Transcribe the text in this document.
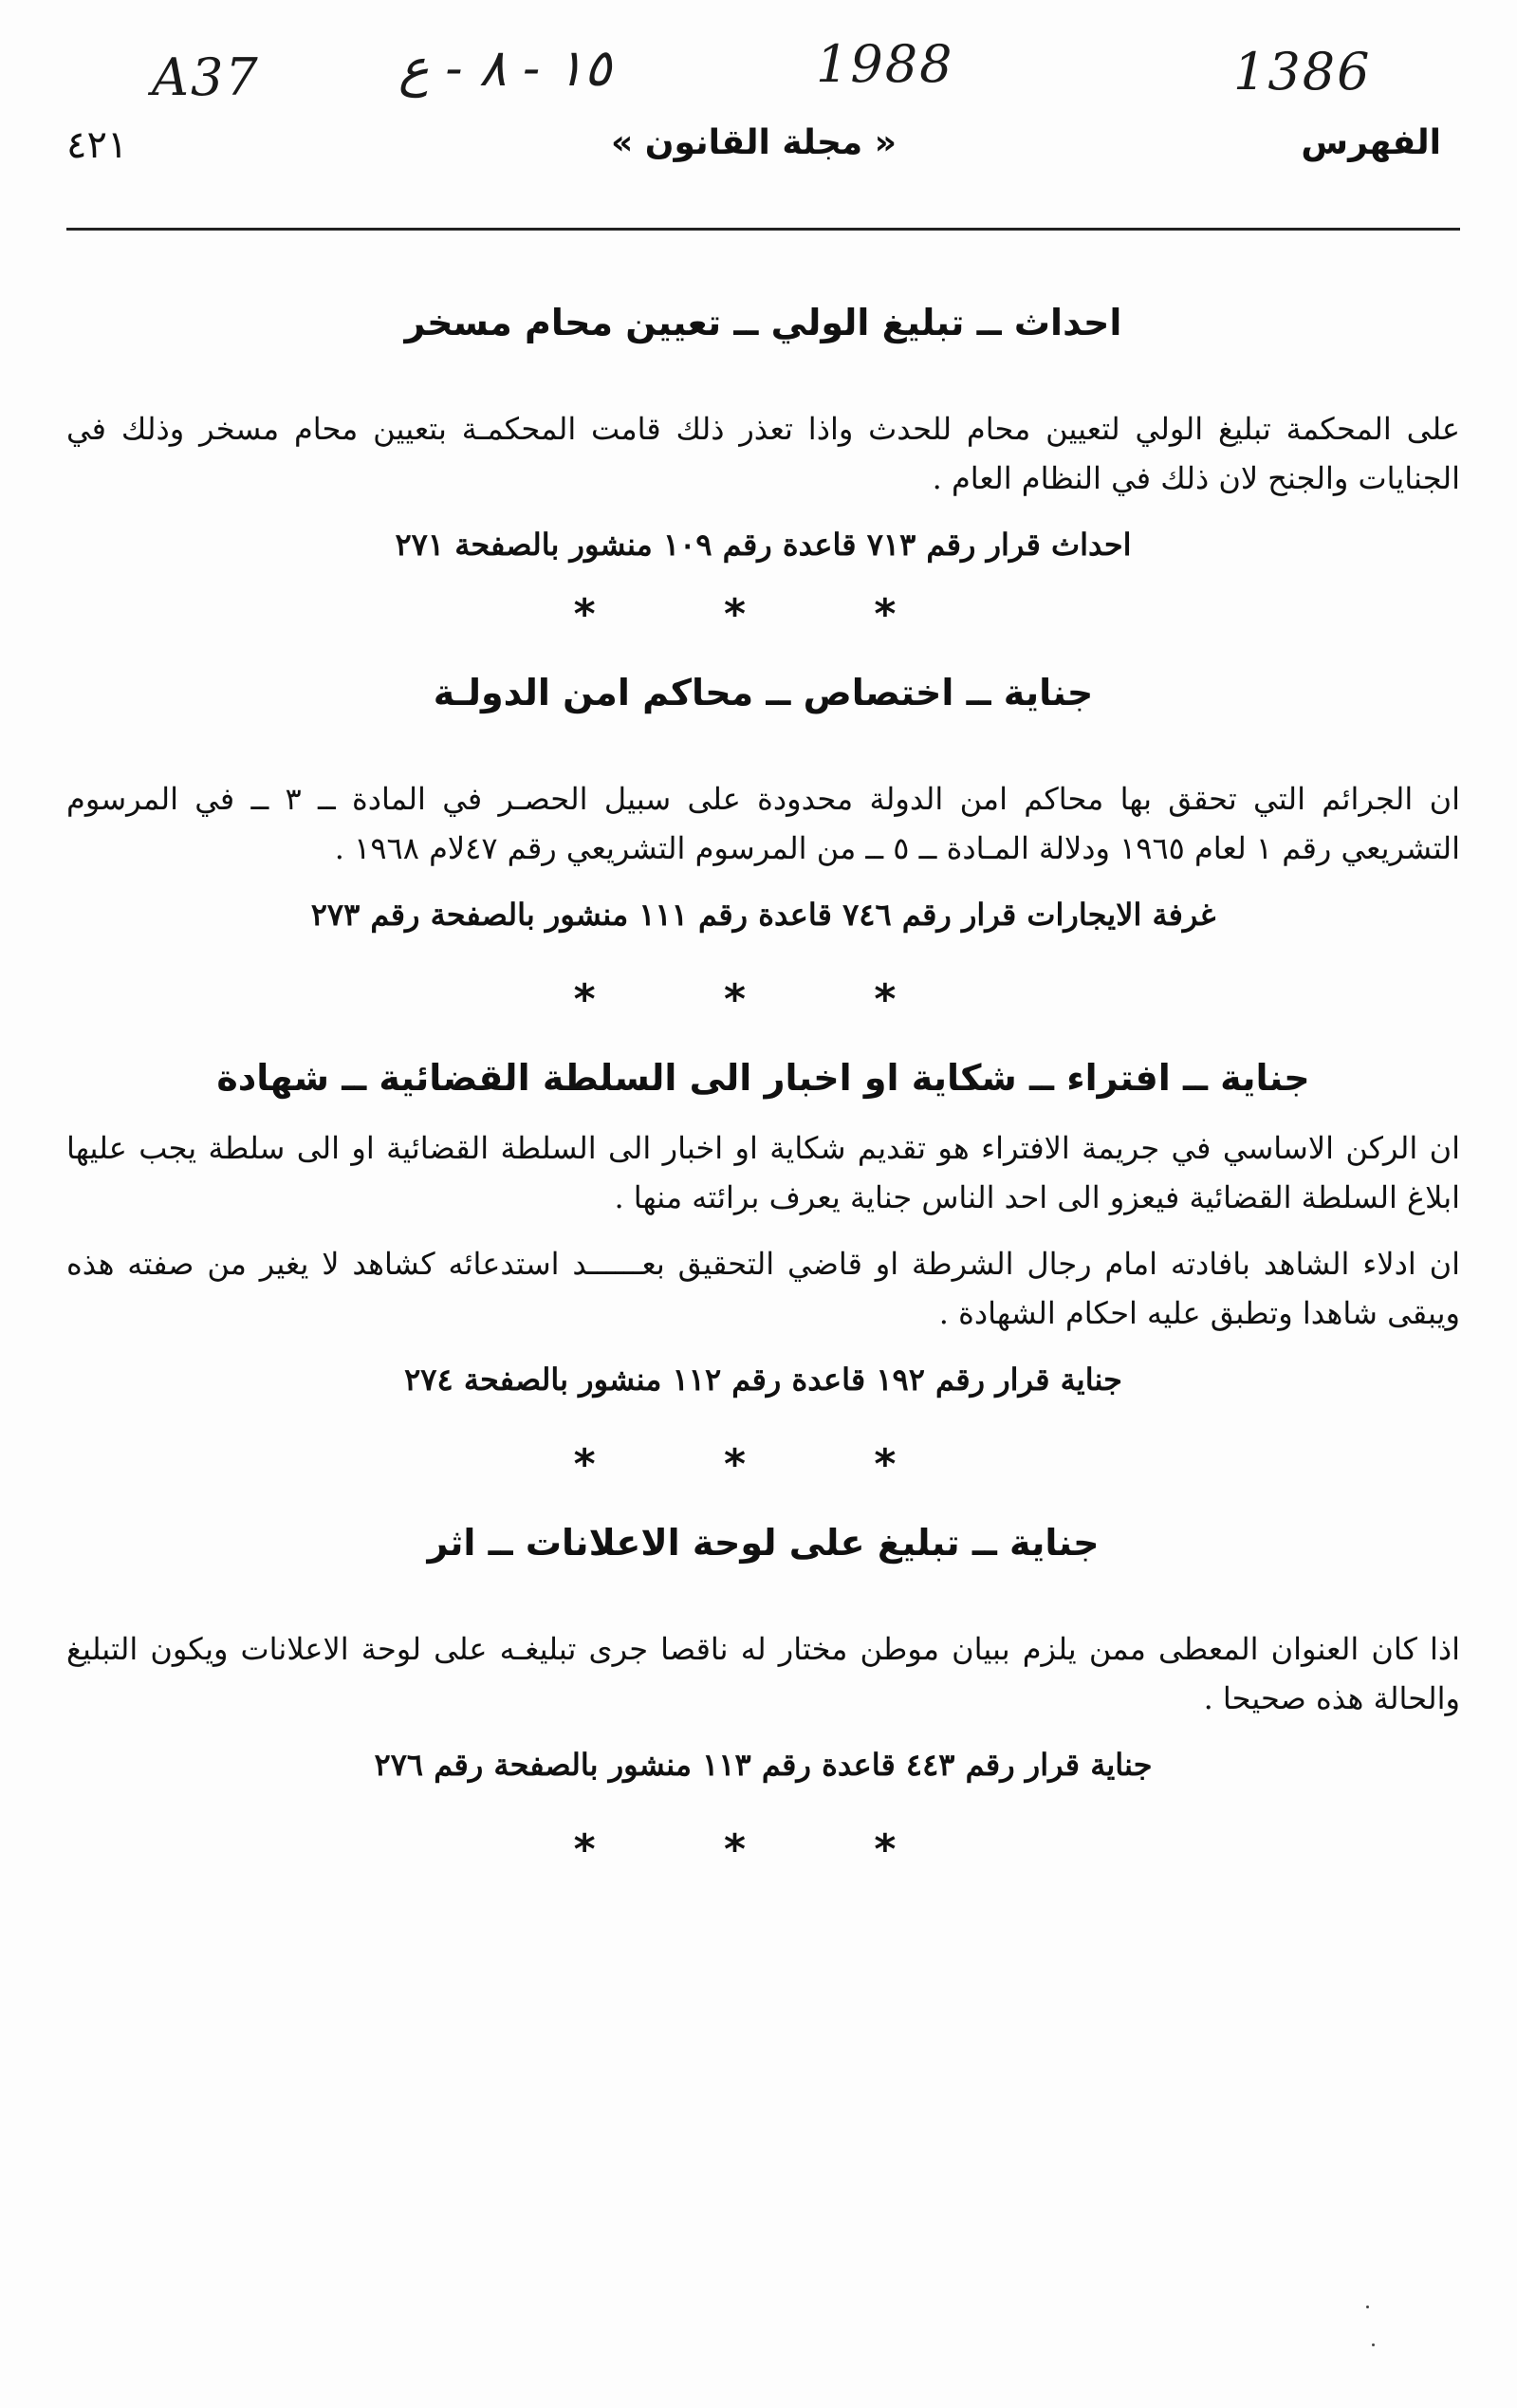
A37	١٥ - ٨ - ع	1988	1386
٤٢١	« مجلة القانون »	الفهرس
احداث ــ تبليغ الولي ــ تعيين محام مسخر

على المحكمة تبليغ الولي لتعيين محام للحدث واذا تعذر ذلك قامت المحكمـة بتعيين محام مسخر وذلك في الجنايات والجنح لان ذلك في النظام العام .

احداث قرار رقم ٧١٣ قاعدة رقم ١٠٩ منشور بالصفحة ٢٧١

* * *
جناية ــ اختصاص ــ محاكم امن الدولـة

ان الجرائم التي تحقق بها محاكم امن الدولة محدودة على سبيل الحصـر في المادة ــ ٣ ــ في المرسوم التشريعي رقم ١ لعام ١٩٦٥ ودلالة المـادة ــ ٥ ــ من المرسوم التشريعي رقم ٤٧لام ١٩٦٨ .

غرفة الايجارات قرار رقم ٧٤٦ قاعدة رقم ١١١ منشور بالصفحة رقم ٢٧٣

* * *
جناية ــ افتراء ــ شكاية او اخبار الى السلطة القضائية ــ شهادة

ان الركن الاساسي في جريمة الافتراء هو تقديم شكاية او اخبار الى السلطة القضائية او الى سلطة يجب عليها ابلاغ السلطة القضائية فيعزو الى احد الناس جناية يعرف برائته منها .

ان ادلاء الشاهد بافادته امام رجال الشرطة او قاضي التحقيق بعــــــد استدعائه كشاهد لا يغير من صفته هذه ويبقى شاهدا وتطبق عليه احكام الشهادة .

جناية قرار رقم ١٩٢ قاعدة رقم ١١٢ منشور بالصفحة ٢٧٤

* * *
جناية ــ تبليغ على لوحة الاعلانات ــ اثر

اذا كان العنوان المعطى ممن يلزم ببيان موطن مختار له ناقصا جرى تبليغـه على لوحة الاعلانات ويكون التبليغ والحالة هذه صحيحا .

جناية قرار رقم ٤٤٣ قاعدة رقم ١١٣ منشور بالصفحة رقم ٢٧٦

* * *
